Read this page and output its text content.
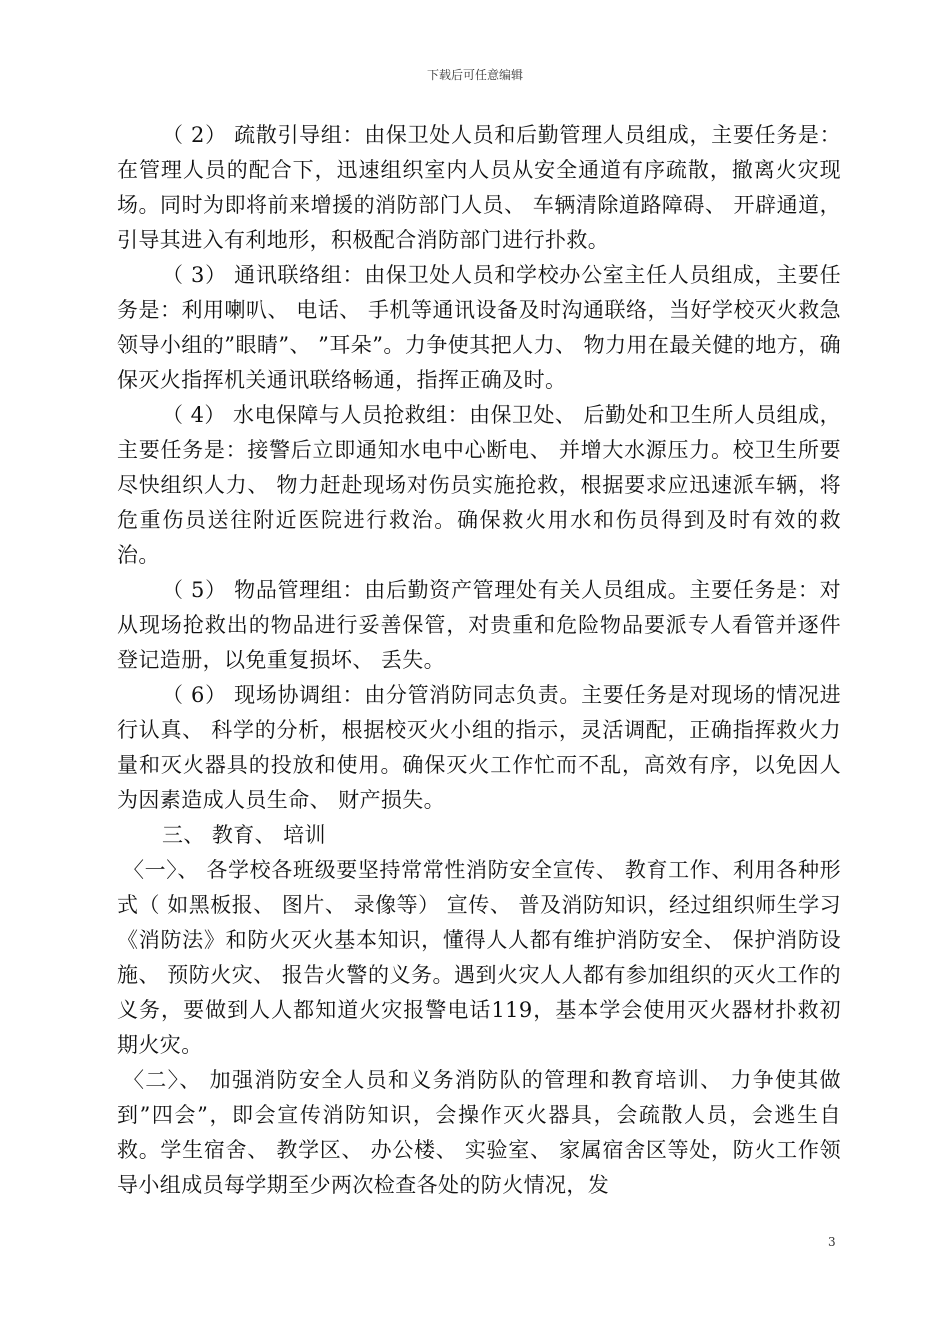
下载后可任意编辑

（ 2） 疏散引导组：由保卫处人员和后勤管理人员组成，主要任务是：在管理人员的配合下，迅速组织室内人员从安全通道有序疏散，撤离火灾现场。同时为即将前来增援的消防部门人员、 车辆清除道路障碍、 开辟通道，引导其进入有利地形，积极配合消防部门进行扑救。

（ 3） 通讯联络组：由保卫处人员和学校办公室主任人员组成，主要任务是：利用喇叭、 电话、 手机等通讯设备及时沟通联络，当好学校灭火救急领导小组的”眼睛”、 ”耳朵”。力争使其把人力、 物力用在最关健的地方，确保灭火指挥机关通讯联络畅通，指挥正确及时。

（ 4） 水电保障与人员抢救组：由保卫处、 后勤处和卫生所人员组成，主要任务是：接警后立即通知水电中心断电、 并增大水源压力。校卫生所要尽快组织人力、 物力赶赴现场对伤员实施抢救，根据要求应迅速派车辆，将危重伤员送往附近医院进行救治。确保救火用水和伤员得到及时有效的救治。

（ 5） 物品管理组：由后勤资产管理处有关人员组成。主要任务是：对从现场抢救出的物品进行妥善保管，对贵重和危险物品要派专人看管并逐件登记造册，以免重复损坏、 丢失。

（ 6） 现场协调组：由分管消防同志负责。主要任务是对现场的情况进行认真、 科学的分析，根据校灭火小组的指示，灵活调配，正确指挥救火力量和灭火器具的投放和使用。确保灭火工作忙而不乱，高效有序，以免因人为因素造成人员生命、 财产损失。

三、 教育、 培训

〈一〉、 各学校各班级要坚持常常性消防安全宣传、 教育工作、利用各种形式（ 如黑板报、 图片、 录像等） 宣传、 普及消防知识，经过组织师生学习《消防法》和防火灭火基本知识，懂得人人都有维护消防安全、 保护消防设施、 预防火灾、 报告火警的义务。遇到火灾人人都有参加组织的灭火工作的义务，要做到人人都知道火灾报警电话119，基本学会使用灭火器材扑救初期火灾。

〈二〉、 加强消防安全人员和义务消防队的管理和教育培训、 力争使其做到”四会”，即会宣传消防知识，会操作灭火器具，会疏散人员，会逃生自救。学生宿舍、 教学区、 办公楼、 实验室、 家属宿舍区等处，防火工作领导小组成员每学期至少两次检查各处的防火情况，发

3
